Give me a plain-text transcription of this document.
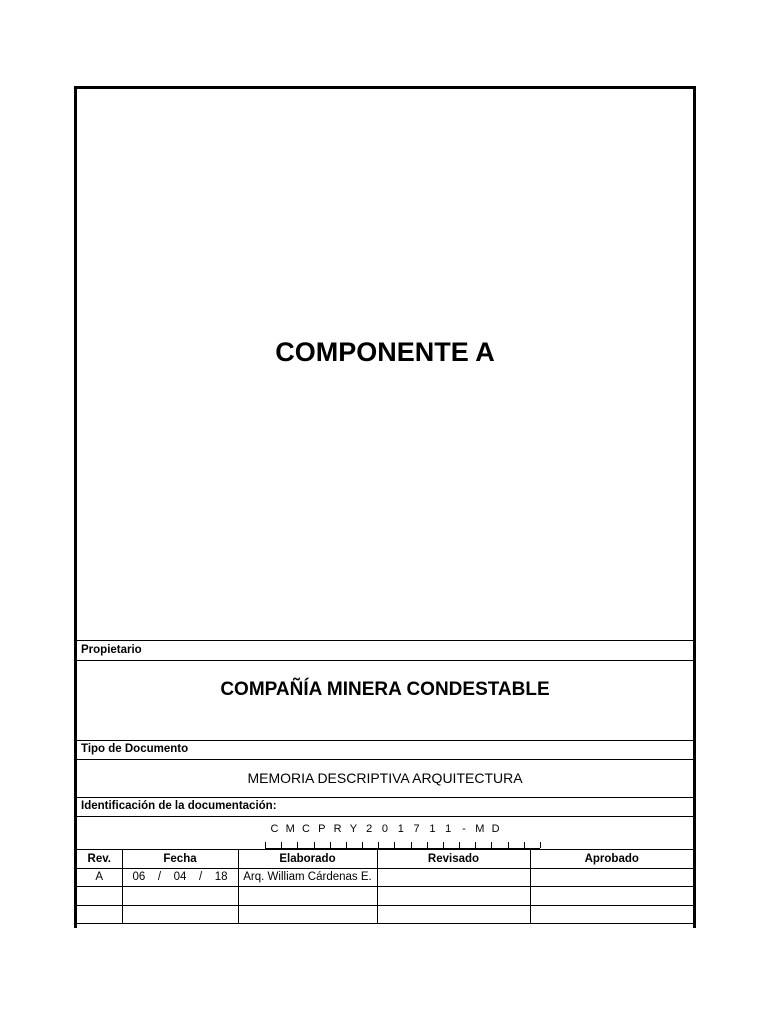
COMPONENTE A
Propietario
COMPAÑÍA MINERA CONDESTABLE
Tipo de Documento
MEMORIA DESCRIPTIVA ARQUITECTURA
Identificación de la documentación:
C M C P R Y 2 0 1 7 1 1 - M D
Rev.	Fecha	Elaborado	Revisado	Aprobado
A	06 / 04 / 18	Arq. William Cárdenas E.		
